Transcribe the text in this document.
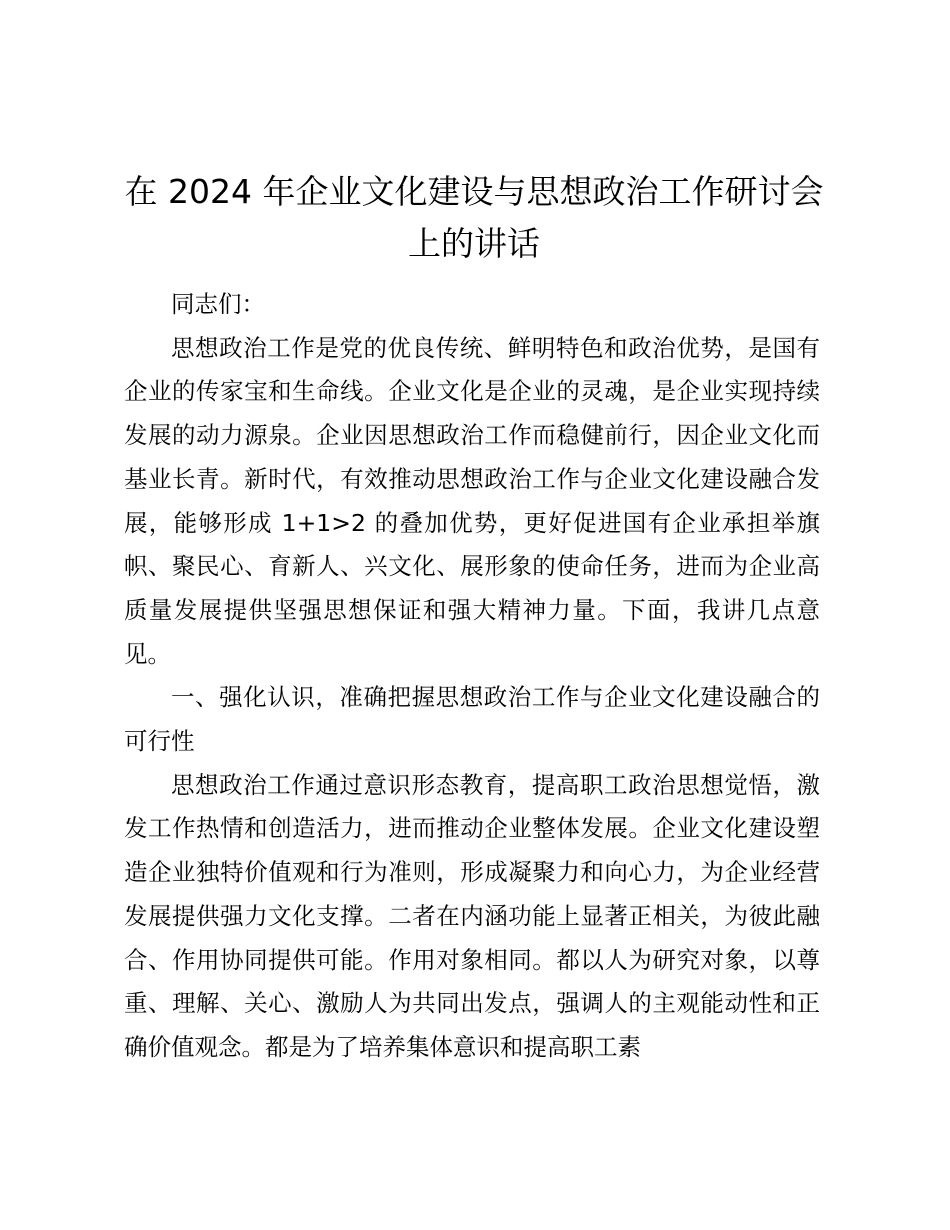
在 2024 年企业文化建设与思想政治工作研讨会上的讲话

同志们：

思想政治工作是党的优良传统、鲜明特色和政治优势，是国有企业的传家宝和生命线。企业文化是企业的灵魂，是企业实现持续发展的动力源泉。企业因思想政治工作而稳健前行，因企业文化而基业长青。新时代，有效推动思想政治工作与企业文化建设融合发展，能够形成 1+1>2 的叠加优势，更好促进国有企业承担举旗帜、聚民心、育新人、兴文化、展形象的使命任务，进而为企业高质量发展提供坚强思想保证和强大精神力量。下面，我讲几点意见。

一、强化认识，准确把握思想政治工作与企业文化建设融合的可行性

思想政治工作通过意识形态教育，提高职工政治思想觉悟，激发工作热情和创造活力，进而推动企业整体发展。企业文化建设塑造企业独特价值观和行为准则，形成凝聚力和向心力，为企业经营发展提供强力文化支撑。二者在内涵功能上显著正相关，为彼此融合、作用协同提供可能。作用对象相同。都以人为研究对象，以尊重、理解、关心、激励人为共同出发点，强调人的主观能动性和正确价值观念。都是为了培养集体意识和提高职工素
